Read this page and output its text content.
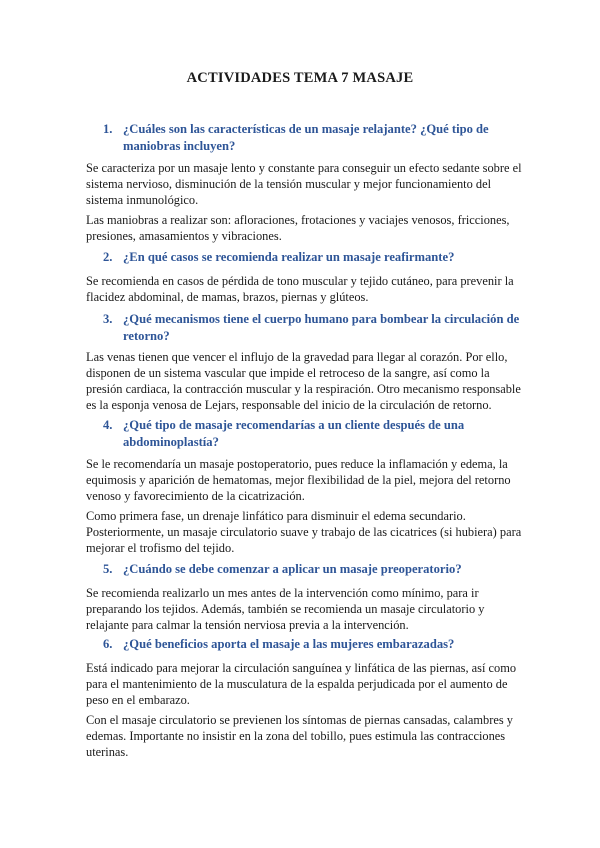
ACTIVIDADES TEMA 7 MASAJE
1. ¿Cuáles son las características de un masaje relajante? ¿Qué tipo de maniobras incluyen?
Se caracteriza por un masaje lento y constante para conseguir un efecto sedante sobre el sistema nervioso, disminución de la tensión muscular y mejor funcionamiento del sistema inmunológico.
Las maniobras a realizar son: afloraciones, frotaciones y vaciajes venosos, fricciones, presiones, amasamientos y vibraciones.
2. ¿En qué casos se recomienda realizar un masaje reafirmante?
Se recomienda en casos de pérdida de tono muscular y tejido cutáneo, para prevenir la flacidez abdominal, de mamas, brazos, piernas y glúteos.
3. ¿Qué mecanismos tiene el cuerpo humano para bombear la circulación de retorno?
Las venas tienen que vencer el influjo de la gravedad para llegar al corazón. Por ello, disponen de un sistema vascular que impide el retroceso de la sangre, así como la presión cardiaca, la contracción muscular y la respiración. Otro mecanismo responsable es la esponja venosa de Lejars, responsable del inicio de la circulación de retorno.
4. ¿Qué tipo de masaje recomendarías a un cliente después de una abdominoplastía?
Se le recomendaría un masaje postoperatorio, pues reduce la inflamación y edema, la equimosis y aparición de hematomas, mejor flexibilidad de la piel, mejora del retorno venoso y favorecimiento de la cicatrización.
Como primera fase, un drenaje linfático para disminuir el edema secundario. Posteriormente, un masaje circulatorio suave y trabajo de las cicatrices (si hubiera) para mejorar el trofismo del tejido.
5. ¿Cuándo se debe comenzar a aplicar un masaje preoperatorio?
Se recomienda realizarlo un mes antes de la intervención como mínimo, para ir preparando los tejidos. Además, también se recomienda un masaje circulatorio y relajante para calmar la tensión nerviosa previa a la intervención.
6. ¿Qué beneficios aporta el masaje a las mujeres embarazadas?
Está indicado para mejorar la circulación sanguínea y linfática de las piernas, así como para el mantenimiento de la musculatura de la espalda perjudicada por el aumento de peso en el embarazo.
Con el masaje circulatorio se previenen los síntomas de piernas cansadas, calambres y edemas. Importante no insistir en la zona del tobillo, pues estimula las contracciones uterinas.
